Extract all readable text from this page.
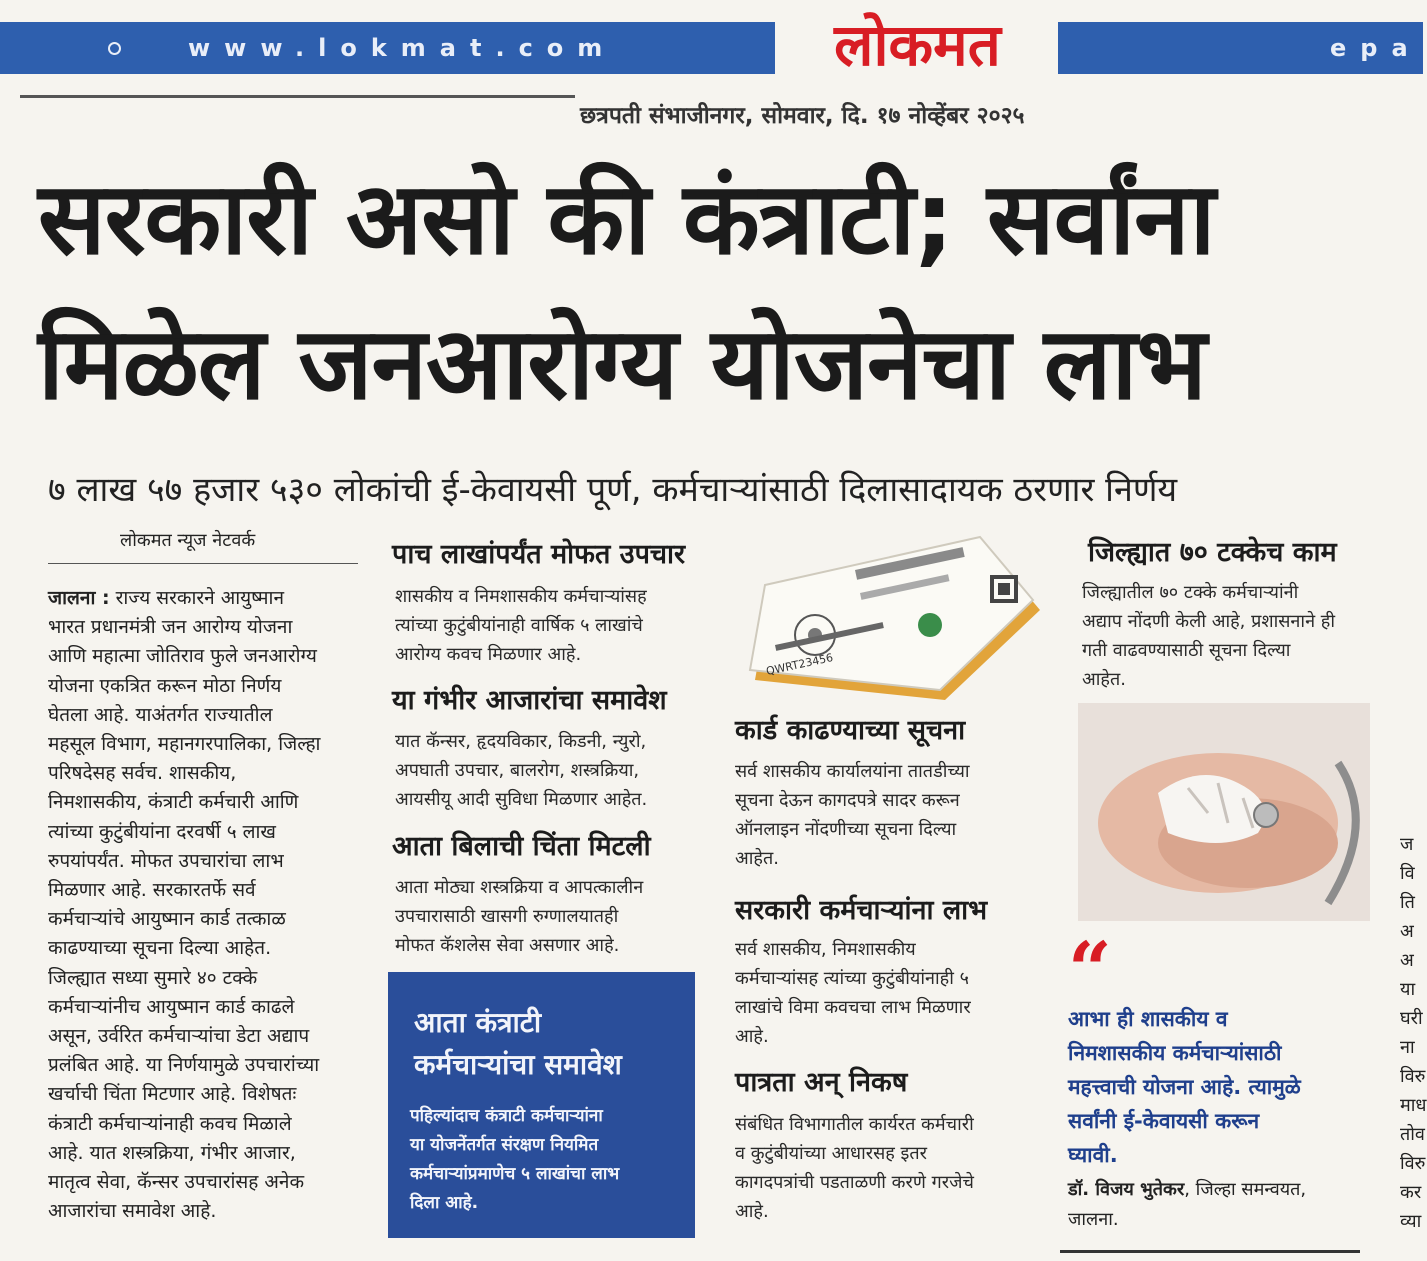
www.lokmat.com	लोकमत	epa
छत्रपती संभाजीनगर, सोमवार, दि. १७ नोव्हेंबर २०२५
सरकारी असो की कंत्राटी; सर्वांना
मिळेल जनआरोग्य योजनेचा लाभ
७ लाख ५७ हजार ५३० लोकांची ई-केवायसी पूर्ण, कर्मचाऱ्यांसाठी दिलासादायक ठरणार निर्णय
लोकमत न्यूज नेटवर्क
जालना : राज्य सरकारने आयुष्मान
भारत प्रधानमंत्री जन आरोग्य योजना
आणि महात्मा जोतिराव फुले जनआरोग्य
योजना एकत्रित करून मोठा निर्णय
घेतला आहे. याअंतर्गत राज्यातील
महसूल विभाग, महानगरपालिका, जिल्हा
परिषदेसह सर्वच. शासकीय,
निमशासकीय, कंत्राटी कर्मचारी आणि
त्यांच्या कुटुंबीयांना दरवर्षी ५ लाख
रुपयांपर्यंत. मोफत उपचारांचा लाभ
मिळणार आहे. सरकारतर्फे सर्व
कर्मचाऱ्यांचे आयुष्मान कार्ड तत्काळ
काढण्याच्या सूचना दिल्या आहेत.
जिल्ह्यात सध्या सुमारे ४० टक्के
कर्मचाऱ्यांनीच आयुष्मान कार्ड काढले
असून, उर्वरित कर्मचाऱ्यांचा डेटा अद्याप
प्रलंबित आहे. या निर्णयामुळे उपचारांच्या
खर्चाची चिंता मिटणार आहे. विशेषतः
कंत्राटी कर्मचाऱ्यांनाही कवच मिळाले
आहे. यात शस्त्रक्रिया, गंभीर आजार,
मातृत्व सेवा, कॅन्सर उपचारांसह अनेक
आजारांचा समावेश आहे.
पाच लाखांपर्यंत मोफत उपचार
शासकीय व निमशासकीय कर्मचाऱ्यांसह
त्यांच्या कुटुंबीयांनाही वार्षिक ५ लाखांचे
आरोग्य कवच मिळणार आहे.
या गंभीर आजारांचा समावेश
यात कॅन्सर, हृदयविकार, किडनी, न्युरो,
अपघाती उपचार, बालरोग, शस्त्रक्रिया,
आयसीयू आदी सुविधा मिळणार आहेत.
आता बिलाची चिंता मिटली
आता मोठ्या शस्त्रक्रिया व आपत्कालीन
उपचारासाठी खासगी रुग्णालयातही
मोफत कॅशलेस सेवा असणार आहे.
आता कंत्राटी
कर्मचाऱ्यांचा समावेश
पहिल्यांदाच कंत्राटी कर्मचाऱ्यांना
या योजनेंतर्गत संरक्षण नियमित
कर्मचाऱ्यांप्रमाणेच ५ लाखांचा लाभ
दिला आहे.
QWRT23456
कार्ड काढण्याच्या सूचना
सर्व शासकीय कार्यालयांना तातडीच्या
सूचना देऊन कागदपत्रे सादर करून
ऑनलाइन नोंदणीच्या सूचना दिल्या
आहेत.
सरकारी कर्मचाऱ्यांना लाभ
सर्व शासकीय, निमशासकीय
कर्मचाऱ्यांसह त्यांच्या कुटुंबीयांनाही ५
लाखांचे विमा कवचचा लाभ मिळणार
आहे.
पात्रता अन् निकष
संबंधित विभागातील कार्यरत कर्मचारी
व कुटुंबीयांच्या आधारसह इतर
कागदपत्रांची पडताळणी करणे गरजेचे
आहे.
जिल्ह्यात ७० टक्केच काम
जिल्ह्यातील ७० टक्के कर्मचाऱ्यांनी
अद्याप नोंदणी केली आहे, प्रशासनाने ही
गती वाढवण्यासाठी सूचना दिल्या
आहेत.
“
आभा ही शासकीय व
निमशासकीय कर्मचाऱ्यांसाठी
महत्त्वाची योजना आहे. त्यामुळे
सर्वांनी ई-केवायसी करून
घ्यावी.
डॉ. विजय भुतेकर, जिल्हा समन्वयत,
जालना.
ज
वि
ति
अ
अ
या
घरी
ना
विरु
माध
तोव
विरु
कर
व्या
